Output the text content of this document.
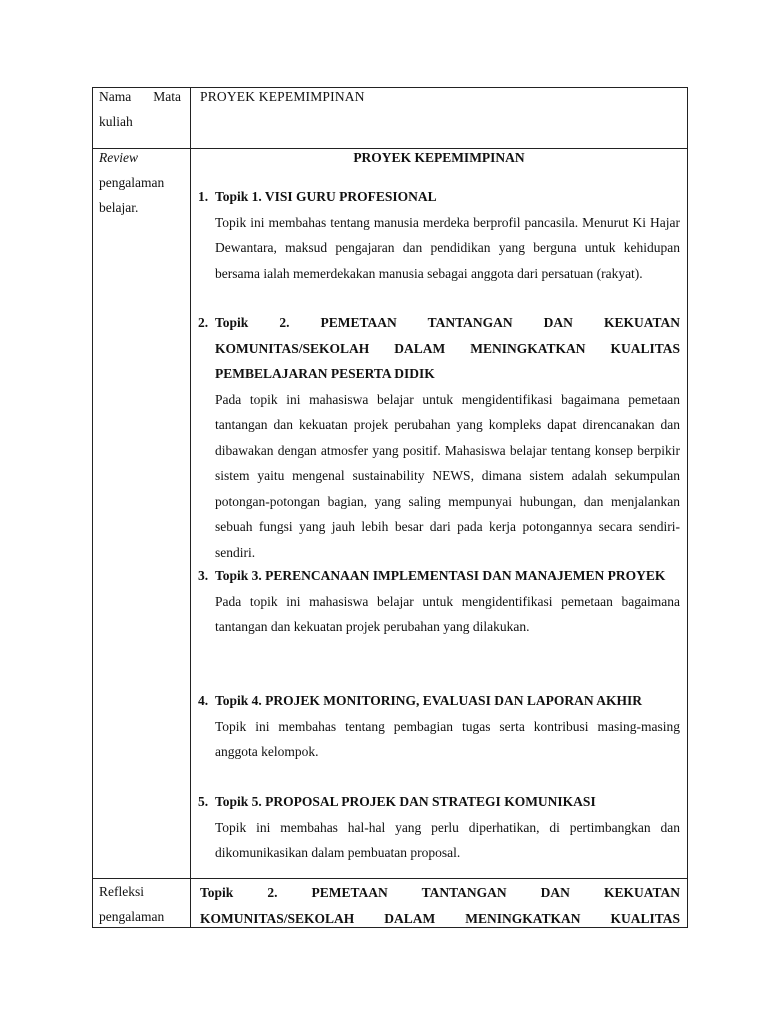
Nama Mata
kuliah
PROYEK KEPEMIMPINAN
Review
pengalaman
belajar.
PROYEK KEPEMIMPINAN
1. Topik 1. VISI GURU PROFESIONAL
Topik ini membahas tentang manusia merdeka berprofil pancasila. Menurut Ki Hajar Dewantara, maksud pengajaran dan pendidikan yang berguna untuk kehidupan bersama ialah memerdekakan manusia sebagai anggota dari persatuan (rakyat).
2. Topik 2. PEMETAAN TANTANGAN DAN KEKUATAN KOMUNITAS/SEKOLAH DALAM MENINGKATKAN KUALITAS PEMBELAJARAN PESERTA DIDIK
Pada topik ini mahasiswa belajar untuk mengidentifikasi bagaimana pemetaan tantangan dan kekuatan projek perubahan yang kompleks dapat direncanakan dan dibawakan dengan atmosfer yang positif. Mahasiswa belajar tentang konsep berpikir sistem yaitu mengenal sustainability NEWS, dimana sistem adalah sekumpulan potongan-potongan bagian, yang saling mempunyai hubungan, dan menjalankan sebuah fungsi yang jauh lebih besar dari pada kerja potongannya secara sendiri-sendiri.
3. Topik 3. PERENCANAAN IMPLEMENTASI DAN MANAJEMEN PROYEK
Pada topik ini mahasiswa belajar untuk mengidentifikasi pemetaan bagaimana tantangan dan kekuatan projek perubahan yang dilakukan.
4. Topik 4. PROJEK MONITORING, EVALUASI DAN LAPORAN AKHIR
Topik ini membahas tentang pembagian tugas serta kontribusi masing-masing anggota kelompok.
5. Topik 5. PROPOSAL PROJEK DAN STRATEGI KOMUNIKASI
Topik ini membahas hal-hal yang perlu diperhatikan, di pertimbangkan dan dikomunikasikan dalam pembuatan proposal.
Refleksi
pengalaman
Topik 2. PEMETAAN TANTANGAN DAN KEKUATAN KOMUNITAS/SEKOLAH DALAM MENINGKATKAN KUALITAS
